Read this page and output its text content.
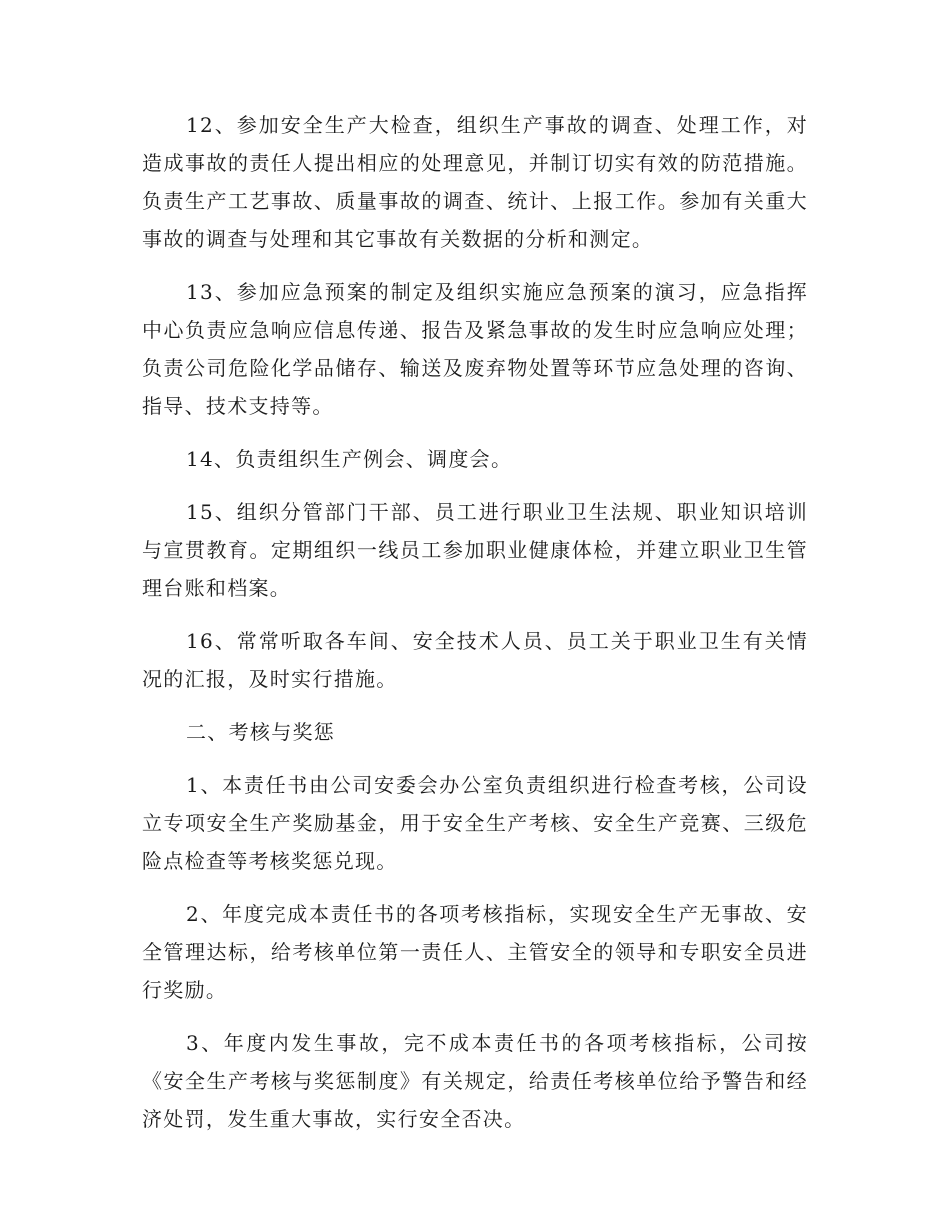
12、参加安全生产大检查，组织生产事故的调查、处理工作，对造成事故的责任人提出相应的处理意见，并制订切实有效的防范措施。负责生产工艺事故、质量事故的调查、统计、上报工作。参加有关重大事故的调查与处理和其它事故有关数据的分析和测定。

13、参加应急预案的制定及组织实施应急预案的演习，应急指挥中心负责应急响应信息传递、报告及紧急事故的发生时应急响应处理；负责公司危险化学品储存、输送及废弃物处置等环节应急处理的咨询、指导、技术支持等。

14、负责组织生产例会、调度会。

15、组织分管部门干部、员工进行职业卫生法规、职业知识培训与宣贯教育。定期组织一线员工参加职业健康体检，并建立职业卫生管理台账和档案。

16、常常听取各车间、安全技术人员、员工关于职业卫生有关情况的汇报，及时实行措施。

二、考核与奖惩

1、本责任书由公司安委会办公室负责组织进行检查考核，公司设立专项安全生产奖励基金，用于安全生产考核、安全生产竞赛、三级危险点检查等考核奖惩兑现。

2、年度完成本责任书的各项考核指标，实现安全生产无事故、安全管理达标，给考核单位第一责任人、主管安全的领导和专职安全员进行奖励。

3、年度内发生事故，完不成本责任书的各项考核指标，公司按《安全生产考核与奖惩制度》有关规定，给责任考核单位给予警告和经济处罚，发生重大事故，实行安全否决。
